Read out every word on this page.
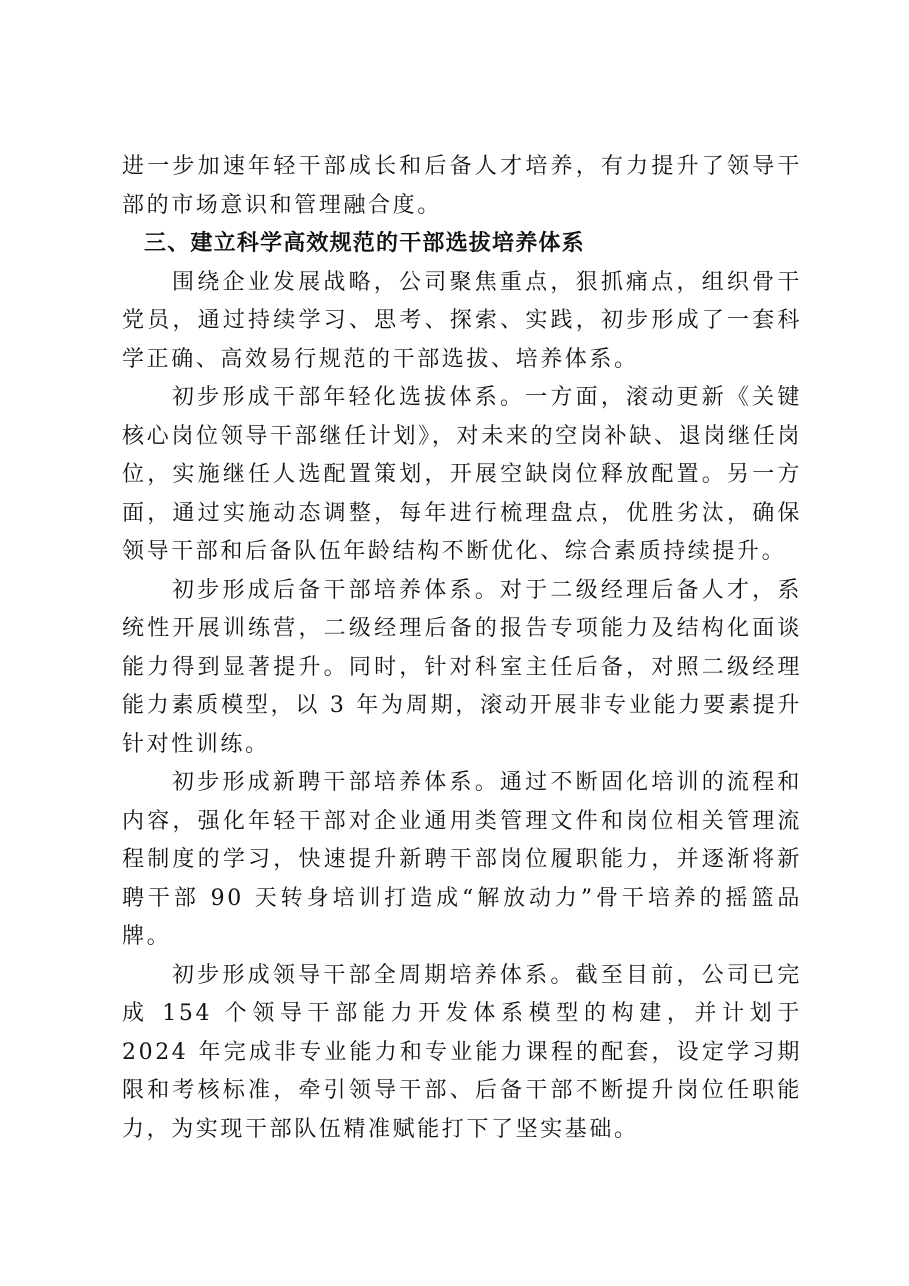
进一步加速年轻干部成长和后备人才培养，有力提升了领导干部的市场意识和管理融合度。

三、建立科学高效规范的干部选拔培养体系

围绕企业发展战略，公司聚焦重点，狠抓痛点，组织骨干党员，通过持续学习、思考、探索、实践，初步形成了一套科学正确、高效易行规范的干部选拔、培养体系。

初步形成干部年轻化选拔体系。一方面，滚动更新《关键核心岗位领导干部继任计划》，对未来的空岗补缺、退岗继任岗位，实施继任人选配置策划，开展空缺岗位释放配置。另一方面，通过实施动态调整，每年进行梳理盘点，优胜劣汰，确保领导干部和后备队伍年龄结构不断优化、综合素质持续提升。

初步形成后备干部培养体系。对于二级经理后备人才，系统性开展训练营，二级经理后备的报告专项能力及结构化面谈能力得到显著提升。同时，针对科室主任后备，对照二级经理能力素质模型，以 3 年为周期，滚动开展非专业能力要素提升针对性训练。

初步形成新聘干部培养体系。通过不断固化培训的流程和内容，强化年轻干部对企业通用类管理文件和岗位相关管理流程制度的学习，快速提升新聘干部岗位履职能力，并逐渐将新聘干部 90 天转身培训打造成“解放动力”骨干培养的摇篮品牌。

初步形成领导干部全周期培养体系。截至目前，公司已完成 154 个领导干部能力开发体系模型的构建，并计划于 2024 年完成非专业能力和专业能力课程的配套，设定学习期限和考核标准，牵引领导干部、后备干部不断提升岗位任职能力，为实现干部队伍精准赋能打下了坚实基础。
